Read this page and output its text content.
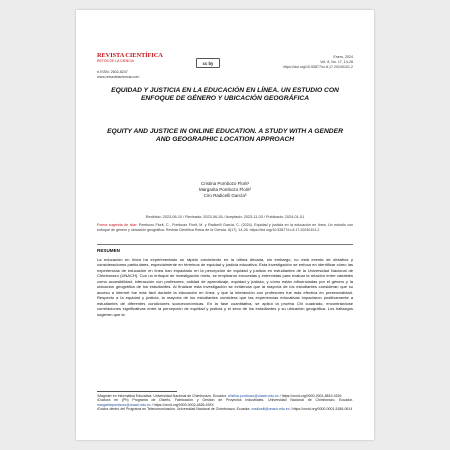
REVISTA CIENTÍFICA
RETOS DE LA CIENCIA
e-ISSN: 2602-8247
www.retosdelaciencia.com
cc by
Enero, 2024
Vol. 8, No. 17, 14-28
https://doi.org/10.53877/rc.8.17.20240101.2
EQUIDAD Y JUSTICIA EN LA EDUCACIÓN EN LÍNEA. UN ESTUDIO CON ENFOQUE DE GÉNERO Y UBICACIÓN GEOGRÁFICA
EQUITY AND JUSTICE IN ONLINE EDUCATION. A STUDY WITH A GENDER AND GEOGRAPHIC LOCATION APPROACH
Cristina Pombozo Florit¹
Margarita Pombozo Florit²
Ciro Radicelli García³
Recibido: 2023-06-10 / Revisado: 2023-06-26 / Aceptado: 2023-11-03 / Publicado: 2024-01-01
Forma sugerida de citar: Pombozo Florit, C., Pombozo Florit, M. y Radicelli García, C. (2024). Equidad y justicia en la educación en línea. Un estudio con enfoque de género y ubicación geográfica. Revista Científica Retos de la Ciencia. 8(17), 14-28. https://doi.org/10.53877/rc.8.17.20240101.2
RESUMEN
La educación en línea ha experimentado un rápido crecimiento en la última década, sin embargo, no está exenta de desafíos y consideraciones particulares, especialmente en términos de equidad y justicia educativa. Esta investigación se enfoca en identificar cómo las experiencias de educación en línea han impactado en la percepción de equidad y justicia en estudiantes de la Universidad Nacional de Chimborazo (UNACH). Con un enfoque de investigación mixto, se emplearon encuestas y entrevistas para evaluar la relación entre variables como accesibilidad, interacción con profesores, calidad de aprendizaje, equidad y justicia, y cómo están influenciadas por el género y la ubicación geográfica de los estudiantes. Al finalizar esta investigación se evidencia que la mayoría de los estudiantes consideran que su acceso a internet fue más fácil durante la educación en línea, y que la interacción con profesores fue más efectiva en presencialidad. Respecto a la equidad y justicia, la mayoría de los estudiantes considera que las experiencias educativas impactaron positivamente a estudiantes de diferentes condiciones socioeconómicas. En la fase cuantitativa, se aplicó la prueba Chi cuadrado, encontrándose correlaciones significativas entre la percepción de equidad y justicia y el sexo de los estudiantes y su ubicación geográfica. Los hallazgos sugieren que la
¹Magíster en Informática Educativa. Universidad Nacional de Chimborazo. Ecuador. cristina.pombozo@unach.edu.ec / https://orcid.org/0000-0001-8819-3159
²Doctora en (Ph) Programa de Diseño, Fabricación y Gestión de Proyectos Industriales. Universidad Nacional de Chimborazo. Ecuador. margaritapombozo@unach.edu.ec / https://orcid.org/0000-0002-4826-493X
³Doctor dentro del Programa en Telecomunicación. Universidad Nacional de Chimborazo. Ecuador. cradicelli@unach.edu.ec / https://orcid.org/0000-0001-5186-0614
